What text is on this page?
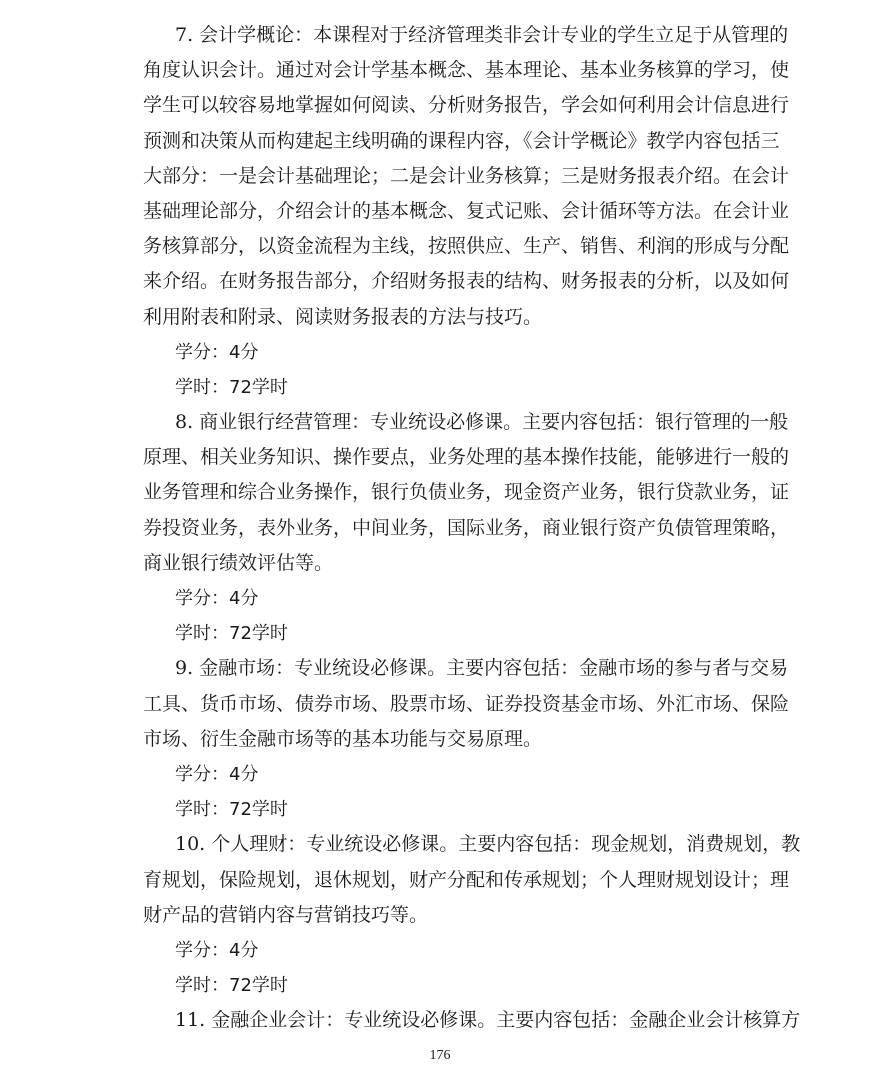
7. 会计学概论：本课程对于经济管理类非会计专业的学生立足于从管理的
角度认识会计。通过对会计学基本概念、基本理论、基本业务核算的学习，使
学生可以较容易地掌握如何阅读、分析财务报告，学会如何利用会计信息进行
预测和决策从而构建起主线明确的课程内容，《会计学概论》教学内容包括三
大部分：一是会计基础理论；二是会计业务核算；三是财务报表介绍。在会计
基础理论部分，介绍会计的基本概念、复式记账、会计循环等方法。在会计业
务核算部分，以资金流程为主线，按照供应、生产、销售、利润的形成与分配
来介绍。在财务报告部分，介绍财务报表的结构、财务报表的分析，以及如何
利用附表和附录、阅读财务报表的方法与技巧。
学分：4分
学时：72学时
8. 商业银行经营管理：专业统设必修课。主要内容包括：银行管理的一般
原理、相关业务知识、操作要点，业务处理的基本操作技能，能够进行一般的
业务管理和综合业务操作，银行负债业务，现金资产业务，银行贷款业务，证
券投资业务，表外业务，中间业务，国际业务，商业银行资产负债管理策略，
商业银行绩效评估等。
学分：4分
学时：72学时
9. 金融市场：专业统设必修课。主要内容包括：金融市场的参与者与交易
工具、货币市场、债券市场、股票市场、证券投资基金市场、外汇市场、保险
市场、衍生金融市场等的基本功能与交易原理。
学分：4分
学时：72学时
10. 个人理财：专业统设必修课。主要内容包括：现金规划，消费规划，教
育规划，保险规划，退休规划，财产分配和传承规划；个人理财规划设计；理
财产品的营销内容与营销技巧等。
学分：4分
学时：72学时
11. 金融企业会计：专业统设必修课。主要内容包括：金融企业会计核算方
176
